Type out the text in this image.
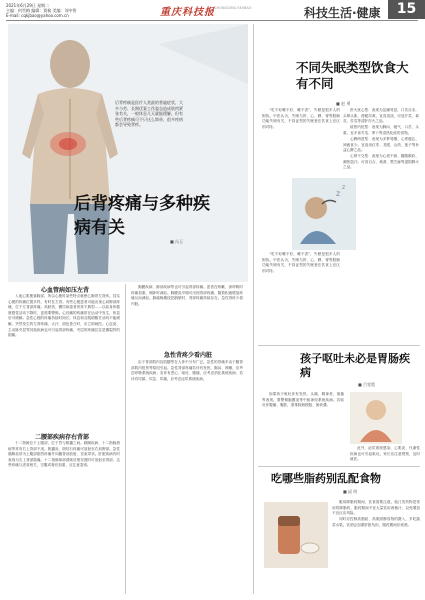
2021年6月29日 星期二
主编：何雪梅 编辑：贾桢 美编：刘中智
E-mail: cqkjbao@yahoo.com.cn	重庆科技报 CHONGQING KEJIBAO	科技生活·健康	15
后背疼痛是医疗人类最的普遍症状，大多与劳、长期伏案工作姿态造成肌肉紧张有关，一般休息几天就能缓解。但有些后背疼痛可不只这么简单，很多疾病都会导致背疼。
后背疼痛与多种疾病有关
■ 冯玉
心血管病如压左背

入夜心肌梗塞胸部，所以心梗时某些特点就使心胸背左背疼。其实心梗的疼痛位置多样，有时在左背。有些心梗患者可能出现心肩胛部疼痛，位于左背部疼痛。高龄者、糖尿病患者常常不典型……以前身体健康感觉活动下降时，更需要警惕。心绞痛的疼痛常在运动中发生，休息后可缓解。急性心梗的疼痛持续时间长，休息和含服硝酸甘油均不能缓解。突然发生的左背疼痛、大汗、面色苍白时，应立即就医。心包炎、主动脉夹层等其他疾病也可引起背部疼痛，夹层的疼痛往往是撕裂样的剧痛。

二腰部疾病存右背部

十二指肠位于上腹部，位于胃与胆囊之间。胰腺疾病、十二指肠溃疡等常有右上背部不适。胆囊炎、胆结石疼痛可放射至右肩胛部。急性胰腺炎常为上腹部剧烈疼痛并向腰背部放射，呈束带状。肝脏疾病有时表现为右上背部隐痛。十二指肠球部溃疡后壁穿透时可放射至背部。这些疼痛与进食相关，空腹或餐后加重，应注意鉴别。

胸膜疾病、肺部疾病等也可引起背部疼痛。患者在咳嗽、深呼吸时疼痛加重，侧卧时减轻。胸膜炎早期可出现背部疼痛，随着积液增加疼痛反而减轻。肺癌晚期侵犯胸壁时，背部疼痛持续存在。急性背疼少看内脏。

急性背疼少看内脏

由于背部肌肉及肌腱等在人体中分布广泛，急性的背痛多由于腰背部肌肉扭伤等原因引起。急性背部疼痛若伴有发热、胸闷、咳嗽，应考虑呼吸系统疾病；若伴有恶心、呕吐、腹痛，应考虑消化系统疾病；若伴有尿频、尿急、尿痛，应考虑泌尿系统疾病。

不同失眠类型饮食大有不同
■ 赵 勇

“吃不好睡不好，睡不香”，失眠是很多人的困扰。中医认为，失眠与肝、心、脾、肾等脏腑功能失调有关，不同证型的失眠者在饮食上应区别对待。

z
z

肝火扰心型：表现为急躁易怒，口苦目赤，头晕头胀，便秘尿黄。宜食清淡，可选芹菜、菊花、苦瓜等清肝泻火之品。

痰热内扰型：表现为胸闷、嗳气、口苦、头重。宜多食冬瓜、萝卜等清热化痰的食物。

心脾两虚型：表现为多梦易醒、心悸健忘、神疲食少。宜选用红枣、龙眼、山药、莲子等补益心脾之品。

心肾不交型：表现为心烦不寐、腰膝酸软、潮热盗汗。可食百合、桑葚、黑芝麻等滋阴降火之品。

“吃不好睡不好，睡不香”，失眠是很多人的困扰。中医认为，失眠与肝、心、脾、肾等脏腑功能失调有关，不同证型的失眠者在饮食上应区别对待。

孩子呕吐未必是胃肠疾病
■ 吕雯霞

如果孩子呕吐伴有发热、头痛、精神差、抽搐等表现，要警惕脑膜炎等中枢神经系统疾病。若呕吐伴腹痛、腹胀，需排除肠梗阻、肠套叠。

此外，泌尿系统感染、心肌炎、代谢性疾病也可引起呕吐。家长应注意观察，及时就医。

吃哪些脂药别乱配食物
■ 邱 明

服用降脂药期间，饮食需要注意。他汀类药物是常用的降脂药，服药期间不宜大量饮用西柚汁，以免增加不良反应风险。

同时应控制高脂肪、高胆固醇食物的摄入，多吃蔬菜水果。饮酒会加重肝脏负担，服药期间应戒酒。
